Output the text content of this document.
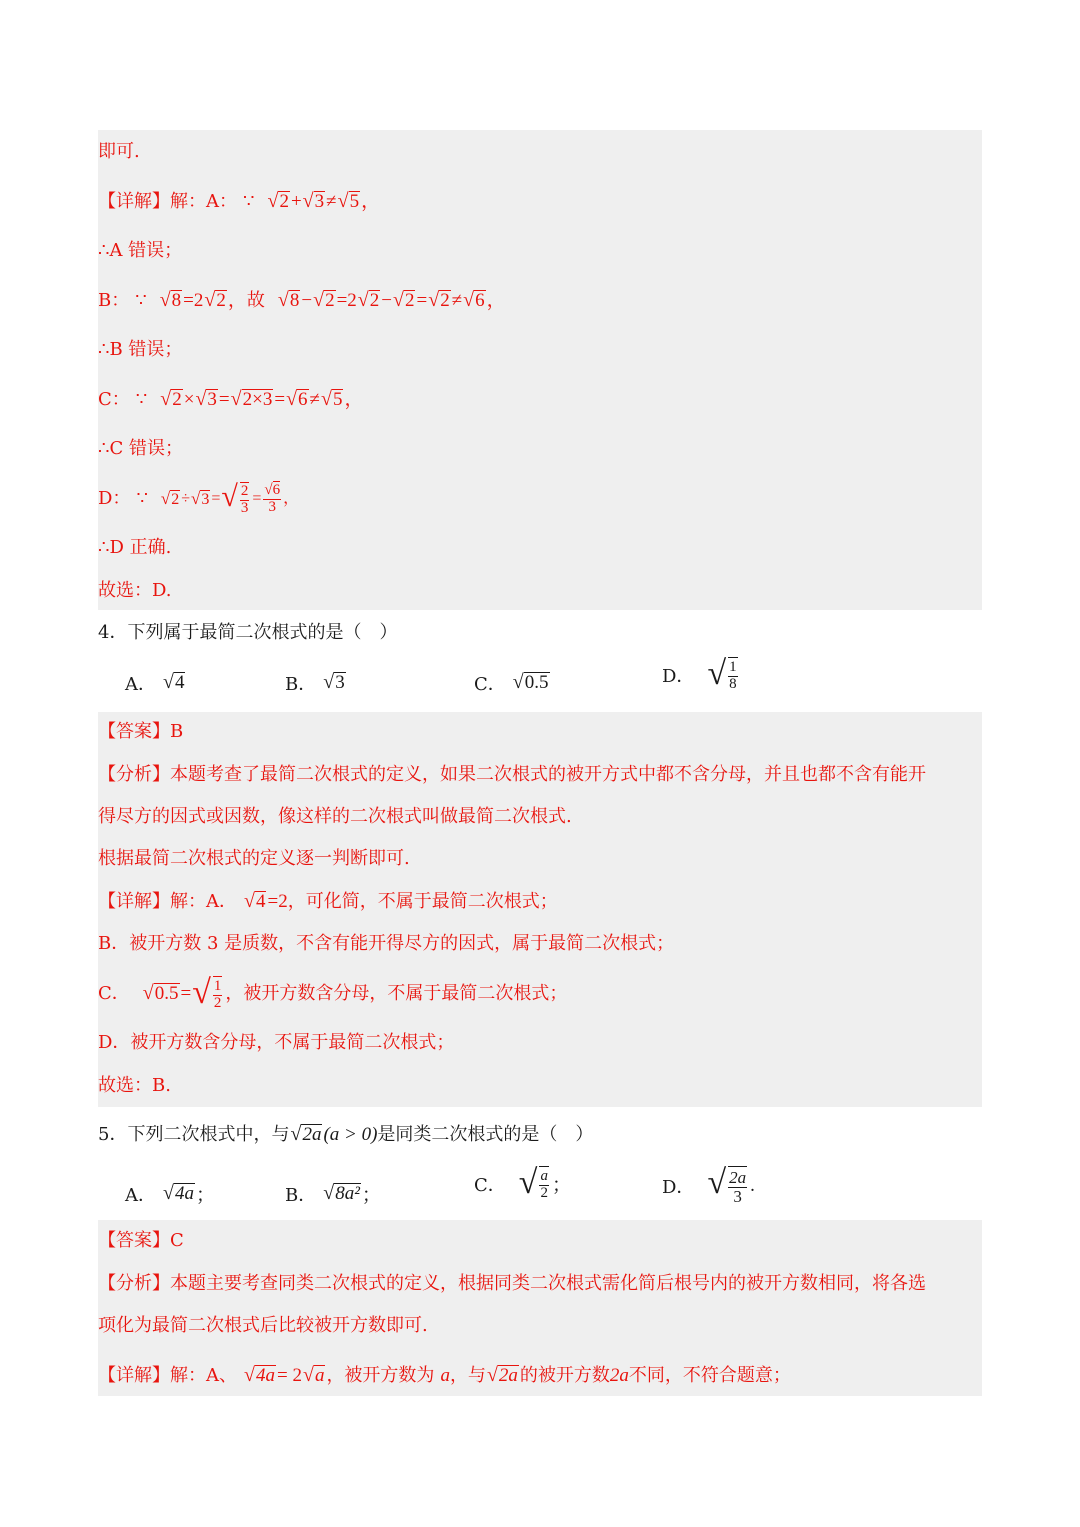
即可.
【详解】 解：A： ∵ √ 2 + √ 3 ≠ √ 5 ，
∴ A 错误；
B： ∵ √ 8 =2 √ 2 ， 故 √ 8 − √ 2 =2 √ 2 − √ 2 = √ 2 ≠ √ 6 ，
∴ B 错误；
C： ∵ √ 2 × √ 3 = √ 2×3 = √ 6 ≠ √ 5 ，
∴ C 错误；
D： ∵ √ 2 ÷ √ 3 = √ $\frac{2}{3} = \frac{√6}{3}$ ，
∴ D 正确.
故选：D.
4．下列属于最简二次根式的是（　）
A． √ 4	B． √ 3	C． √ 0.5	D． √ $\frac{1}{8}$
【答案】 B
【分析】 本题考查了最简二次根式的定义，如果二次根式的被开方式中都不含分母，并且也都不含有能开
得尽方的因式或因数，像这样的二次根式叫做最简二次根式.
根据最简二次根式的定义逐一判断即可.
【详解】 解：A． √ 4 =2 ，可化简，不属于最简二次根式；
B．被开方数 3 是质数，不含有能开得尽方的因式，属于最简二次根式；
C． √ 0.5 = √ $\frac{1}{2}$ ，被开方数含分母，不属于最简二次根式；
D．被开方数含分母，不属于最简二次根式；
故选：B.
5．下列二次根式中，与 √ 2a (a > 0) 是同类二次根式的是（　）
A． √ 4a ；	B． √ 8a² ；	C． √ $\frac{a}{2}$ ；	D． √ $\frac{2a}{3}$ .
【答案】 C
【分析】 本题主要考查同类二次根式的定义，根据同类二次根式需化简后根号内的被开方数相同，将各选
项化为最简二次根式后比较被开方数即可.
【详解】 解：A、 √ 4a = 2 √ a ，被开方数为 a ，与 √ 2a 的被开方数 2a 不同，不符合题意；
